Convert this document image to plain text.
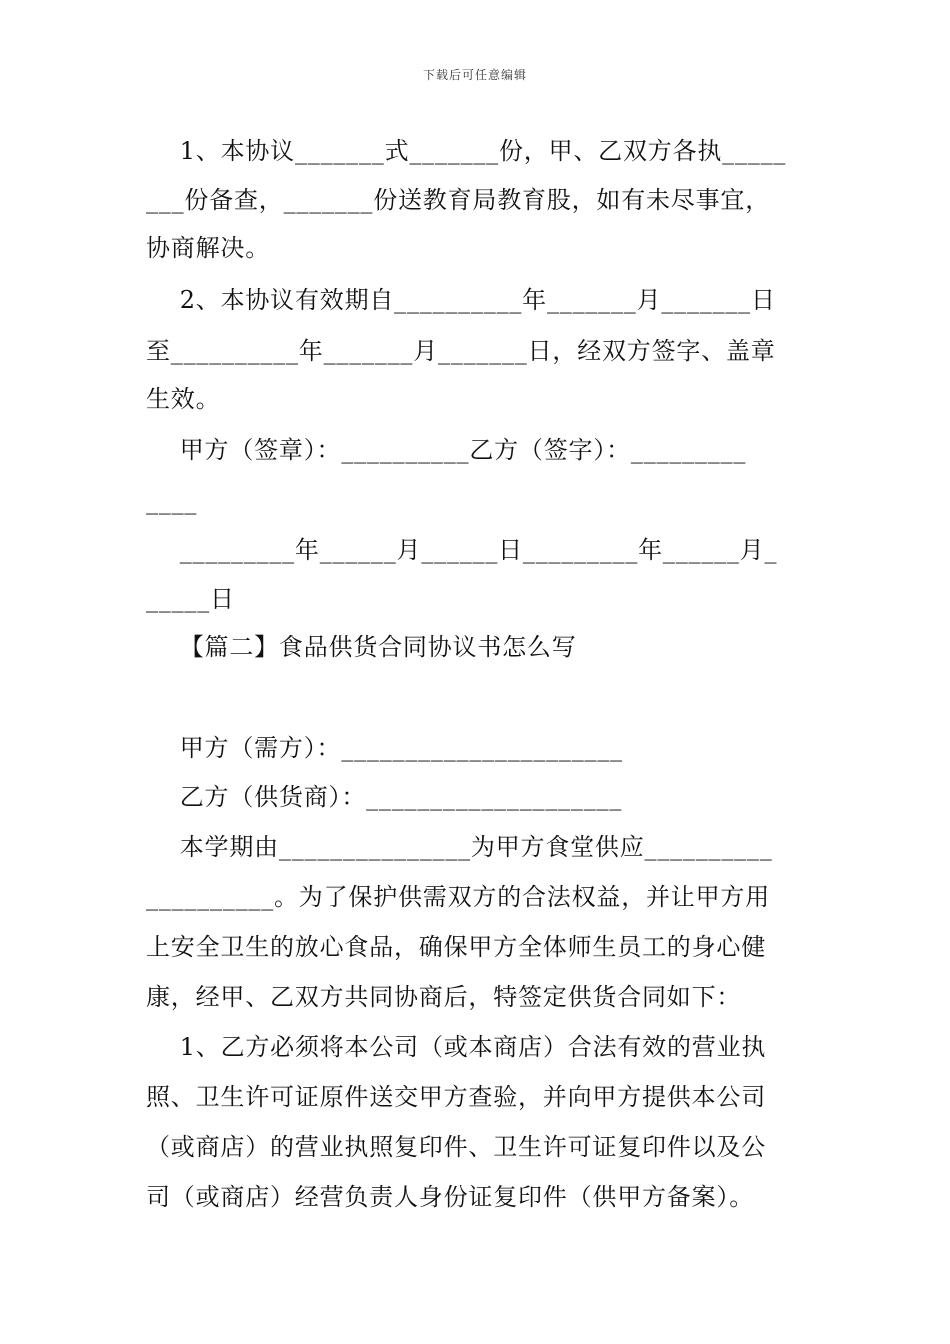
下载后可任意编辑
1、本协议_______式_______份，甲、乙双方各执_____
___份备查，_______份送教育局教育股，如有未尽事宜，
协商解决。
2、本协议有效期自__________年_______月_______日
至__________年_______月_______日，经双方签字、盖章
生效。
甲方（签章）：__________乙方（签字）：_________
____
_________年______月______日_________年______月_
_____日
【篇二】食品供货合同协议书怎么写
甲方（需方）：______________________
乙方（供货商）：____________________
本学期由_______________为甲方食堂供应__________
__________。为了保护供需双方的合法权益，并让甲方用
上安全卫生的放心食品，确保甲方全体师生员工的身心健
康，经甲、乙双方共同协商后，特签定供货合同如下：
1、乙方必须将本公司（或本商店）合法有效的营业执
照、卫生许可证原件送交甲方查验，并向甲方提供本公司
（或商店）的营业执照复印件、卫生许可证复印件以及公
司（或商店）经营负责人身份证复印件（供甲方备案）。
